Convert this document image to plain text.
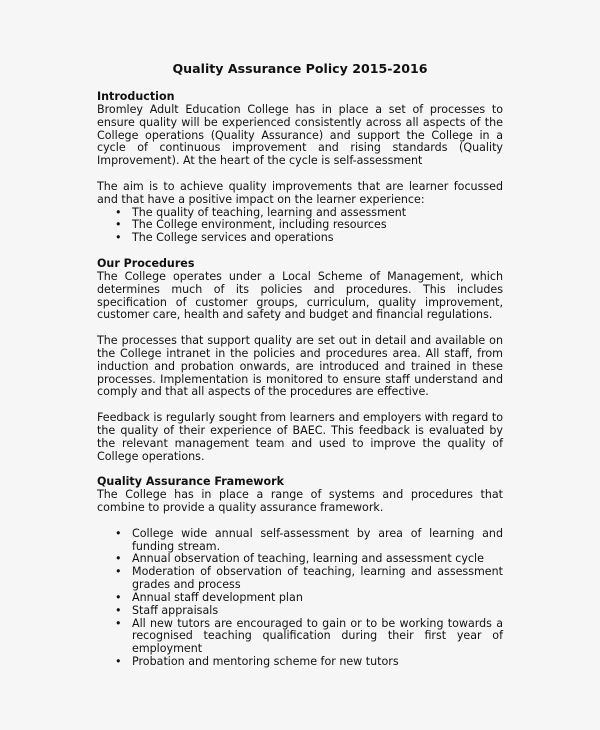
Quality Assurance Policy 2015-2016
Introduction

Bromley Adult Education College has in place a set of processes to ensure quality will be experienced consistently across all aspects of the College operations (Quality Assurance) and support the College in a cycle of continuous improvement and rising standards (Quality Improvement). At the heart of the cycle is self-assessment

The aim is to achieve quality improvements that are learner focussed and that have a positive impact on the learner experience:

• The quality of teaching, learning and assessment
• The College environment, including resources
• The College services and operations
Our Procedures

The College operates under a Local Scheme of Management, which determines much of its policies and procedures. This includes specification of customer groups, curriculum, quality improvement, customer care, health and safety and budget and financial regulations.

The processes that support quality are set out in detail and available on the College intranet in the policies and procedures area. All staff, from induction and probation onwards, are introduced and trained in these processes. Implementation is monitored to ensure staff understand and comply and that all aspects of the procedures are effective.

Feedback is regularly sought from learners and employers with regard to the quality of their experience of BAEC. This feedback is evaluated by the relevant management team and used to improve the quality of College operations.

Quality Assurance Framework

The College has in place a range of systems and procedures that combine to provide a quality assurance framework.

• College wide annual self-assessment by area of learning and funding stream.
• Annual observation of teaching, learning and assessment cycle
• Moderation of observation of teaching, learning and assessment grades and process
• Annual staff development plan
• Staff appraisals
• All new tutors are encouraged to gain or to be working towards a recognised teaching qualification during their first year of employment
• Probation and mentoring scheme for new tutors
